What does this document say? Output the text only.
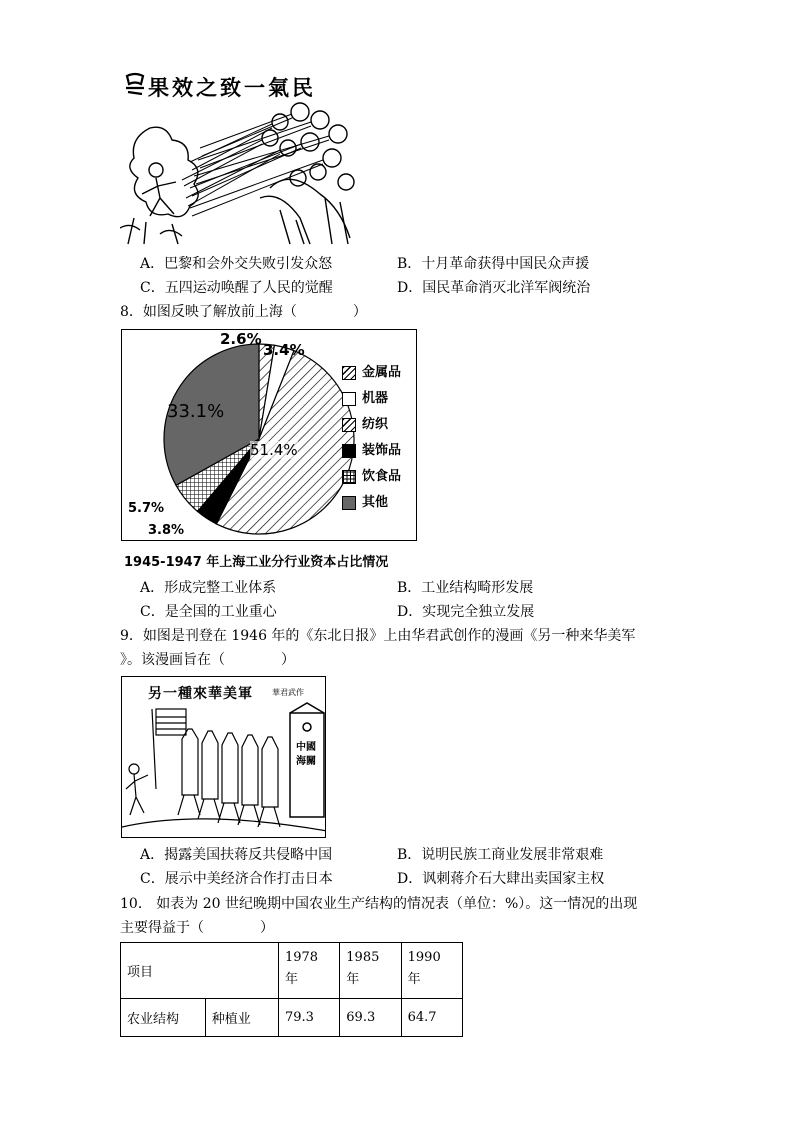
民氣一致之效果
A．巴黎和会外交失败引发众怒	B．十月革命获得中国民众声援
C．五四运动唤醒了人民的觉醒	D．国民革命消灭北洋军阀统治
8．如图反映了解放前上海（　　　　）
2.6%
3.4%
51.4%
3.8%
5.7%
33.1%
金属品
机器
纺织
装饰品
饮食品
其他
1945-1947 年上海工业分行业资本占比情况
A．形成完整工业体系	B．工业结构畸形发展
C．是全国的工业重心	D．实现完全独立发展
9．如图是刊登在 1946 年的《东北日报》上由华君武创作的漫画《另一种来华美军
》。该漫画旨在（　　　　）
另一種來華美軍 華君武作
中國海關
A．揭露美国扶蒋反共侵略中国	B．说明民族工商业发展非常艰难
C．展示中美经济合作打击日本	D．讽刺蒋介石大肆出卖国家主权
10． 如表为 20 世纪晚期中国农业生产结构的情况表（单位：%）。这一情况的出现
主要得益于（　　　　）
项目		1978 年	1985 年	1990 年
农业结构	种植业	79.3	69.3	64.7
